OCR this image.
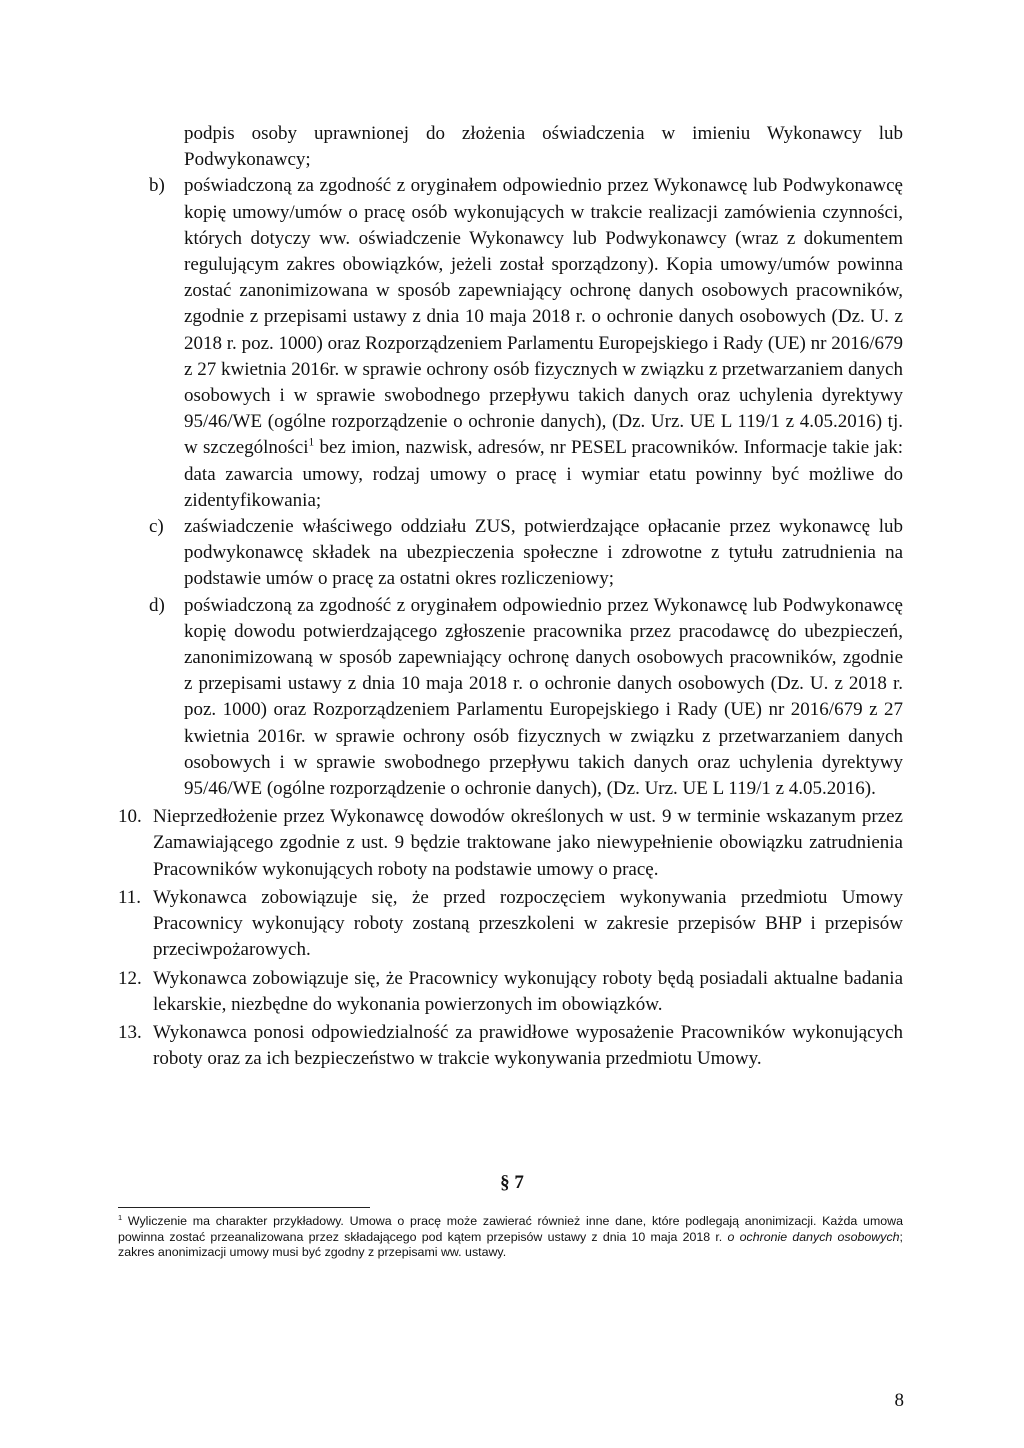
podpis osoby uprawnionej do złożenia oświadczenia w imieniu Wykonawcy lub Podwykonawcy;

b) poświadczoną za zgodność z oryginałem odpowiednio przez Wykonawcę lub Podwykonawcę kopię umowy/umów o pracę osób wykonujących w trakcie realizacji zamówienia czynności, których dotyczy ww. oświadczenie Wykonawcy lub Podwykonawcy (wraz z dokumentem regulującym zakres obowiązków, jeżeli został sporządzony). Kopia umowy/umów powinna zostać zanonimizowana w sposób zapewniający ochronę danych osobowych pracowników, zgodnie z przepisami ustawy z dnia 10 maja 2018 r. o ochronie danych osobowych (Dz. U. z 2018 r. poz. 1000) oraz Rozporządzeniem Parlamentu Europejskiego i Rady (UE) nr 2016/679 z 27 kwietnia 2016r. w sprawie ochrony osób fizycznych w związku z przetwarzaniem danych osobowych i w sprawie swobodnego przepływu takich danych oraz uchylenia dyrektywy 95/46/WE (ogólne rozporządzenie o ochronie danych), (Dz. Urz. UE L 119/1 z 4.05.2016) tj. w szczególności$^1$ bez imion, nazwisk, adresów, nr PESEL pracowników. Informacje takie jak: data zawarcia umowy, rodzaj umowy o pracę i wymiar etatu powinny być możliwe do zidentyfikowania;

c) zaświadczenie właściwego oddziału ZUS, potwierdzające opłacanie przez wykonawcę lub podwykonawcę składek na ubezpieczenia społeczne i zdrowotne z tytułu zatrudnienia na podstawie umów o pracę za ostatni okres rozliczeniowy;

d) poświadczoną za zgodność z oryginałem odpowiednio przez Wykonawcę lub Podwykonawcę kopię dowodu potwierdzającego zgłoszenie pracownika przez pracodawcę do ubezpieczeń, zanonimizowaną w sposób zapewniający ochronę danych osobowych pracowników, zgodnie z przepisami ustawy z dnia 10 maja 2018 r. o ochronie danych osobowych (Dz. U. z 2018 r. poz. 1000) oraz Rozporządzeniem Parlamentu Europejskiego i Rady (UE) nr 2016/679 z 27 kwietnia 2016r. w sprawie ochrony osób fizycznych w związku z przetwarzaniem danych osobowych i w sprawie swobodnego przepływu takich danych oraz uchylenia dyrektywy 95/46/WE (ogólne rozporządzenie o ochronie danych), (Dz. Urz. UE L 119/1 z 4.05.2016).

10. Nieprzedłożenie przez Wykonawcę dowodów określonych w ust. 9 w terminie wskazanym przez Zamawiającego zgodnie z ust. 9 będzie traktowane jako niewypełnienie obowiązku zatrudnienia Pracowników wykonujących roboty na podstawie umowy o pracę.

11. Wykonawca zobowiązuje się, że przed rozpoczęciem wykonywania przedmiotu Umowy Pracownicy wykonujący roboty zostaną przeszkoleni w zakresie przepisów BHP i przepisów przeciwpożarowych.

12. Wykonawca zobowiązuje się, że Pracownicy wykonujący roboty będą posiadali aktualne badania lekarskie, niezbędne do wykonania powierzonych im obowiązków.

13. Wykonawca ponosi odpowiedzialność za prawidłowe wyposażenie Pracowników wykonujących roboty oraz za ich bezpieczeństwo w trakcie wykonywania przedmiotu Umowy.

§ 7

$^1$ Wyliczenie ma charakter przykładowy. Umowa o pracę może zawierać również inne dane, które podlegają anonimizacji. Każda umowa powinna zostać przeanalizowana przez składającego pod kątem przepisów ustawy z dnia 10 maja 2018 r. o ochronie danych osobowych; zakres anonimizacji umowy musi być zgodny z przepisami ww. ustawy.

8
